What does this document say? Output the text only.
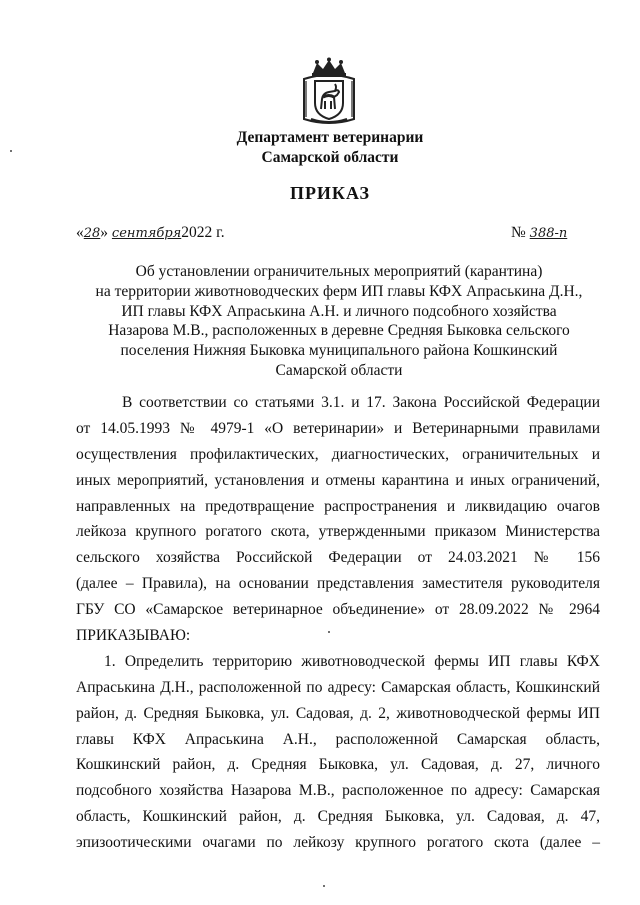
Департамент ветеринарии
Самарской области
ПРИКАЗ
«28» сентября2022 г.	№ 388-п
Об установлении ограничительных мероприятий (карантина)
на территории животноводческих ферм ИП главы КФХ Апраськина Д.Н.,
ИП главы КФХ Апраськина А.Н. и личного подсобного хозяйства
Назарова М.В., расположенных в деревне Средняя Быковка сельского
поселения Нижняя Быковка муниципального района Кошкинский
Самарской области
В соответствии со статьями 3.1. и 17. Закона Российской Федерации
от 14.05.1993 № 4979-1 «О ветеринарии» и Ветеринарными правилами
осуществления профилактических, диагностических, ограничительных и
иных мероприятий, установления и отмены карантина и иных ограничений,
направленных на предотвращение распространения и ликвидацию очагов
лейкоза крупного рогатого скота, утвержденными приказом Министерства
сельского хозяйства Российской Федерации от 24.03.2021 № 156
(далее – Правила), на основании представления заместителя руководителя
ГБУ СО «Самарское ветеринарное объединение» от 28.09.2022 № 2964
ПРИКАЗЫВАЮ:
1. Определить территорию животноводческой фермы ИП главы КФХ
Апраськина Д.Н., расположенной по адресу: Самарская область, Кошкинский
район, д. Средняя Быковка, ул. Садовая, д. 2, животноводческой фермы ИП
главы КФХ Апраськина А.Н., расположенной Самарская область,
Кошкинский район, д. Средняя Быковка, ул. Садовая, д. 27, личного
подсобного хозяйства Назарова М.В., расположенное по адресу: Самарская
область, Кошкинский район, д. Средняя Быковка, ул. Садовая, д. 47,
эпизоотическими очагами по лейкозу крупного рогатого скота (далее –
